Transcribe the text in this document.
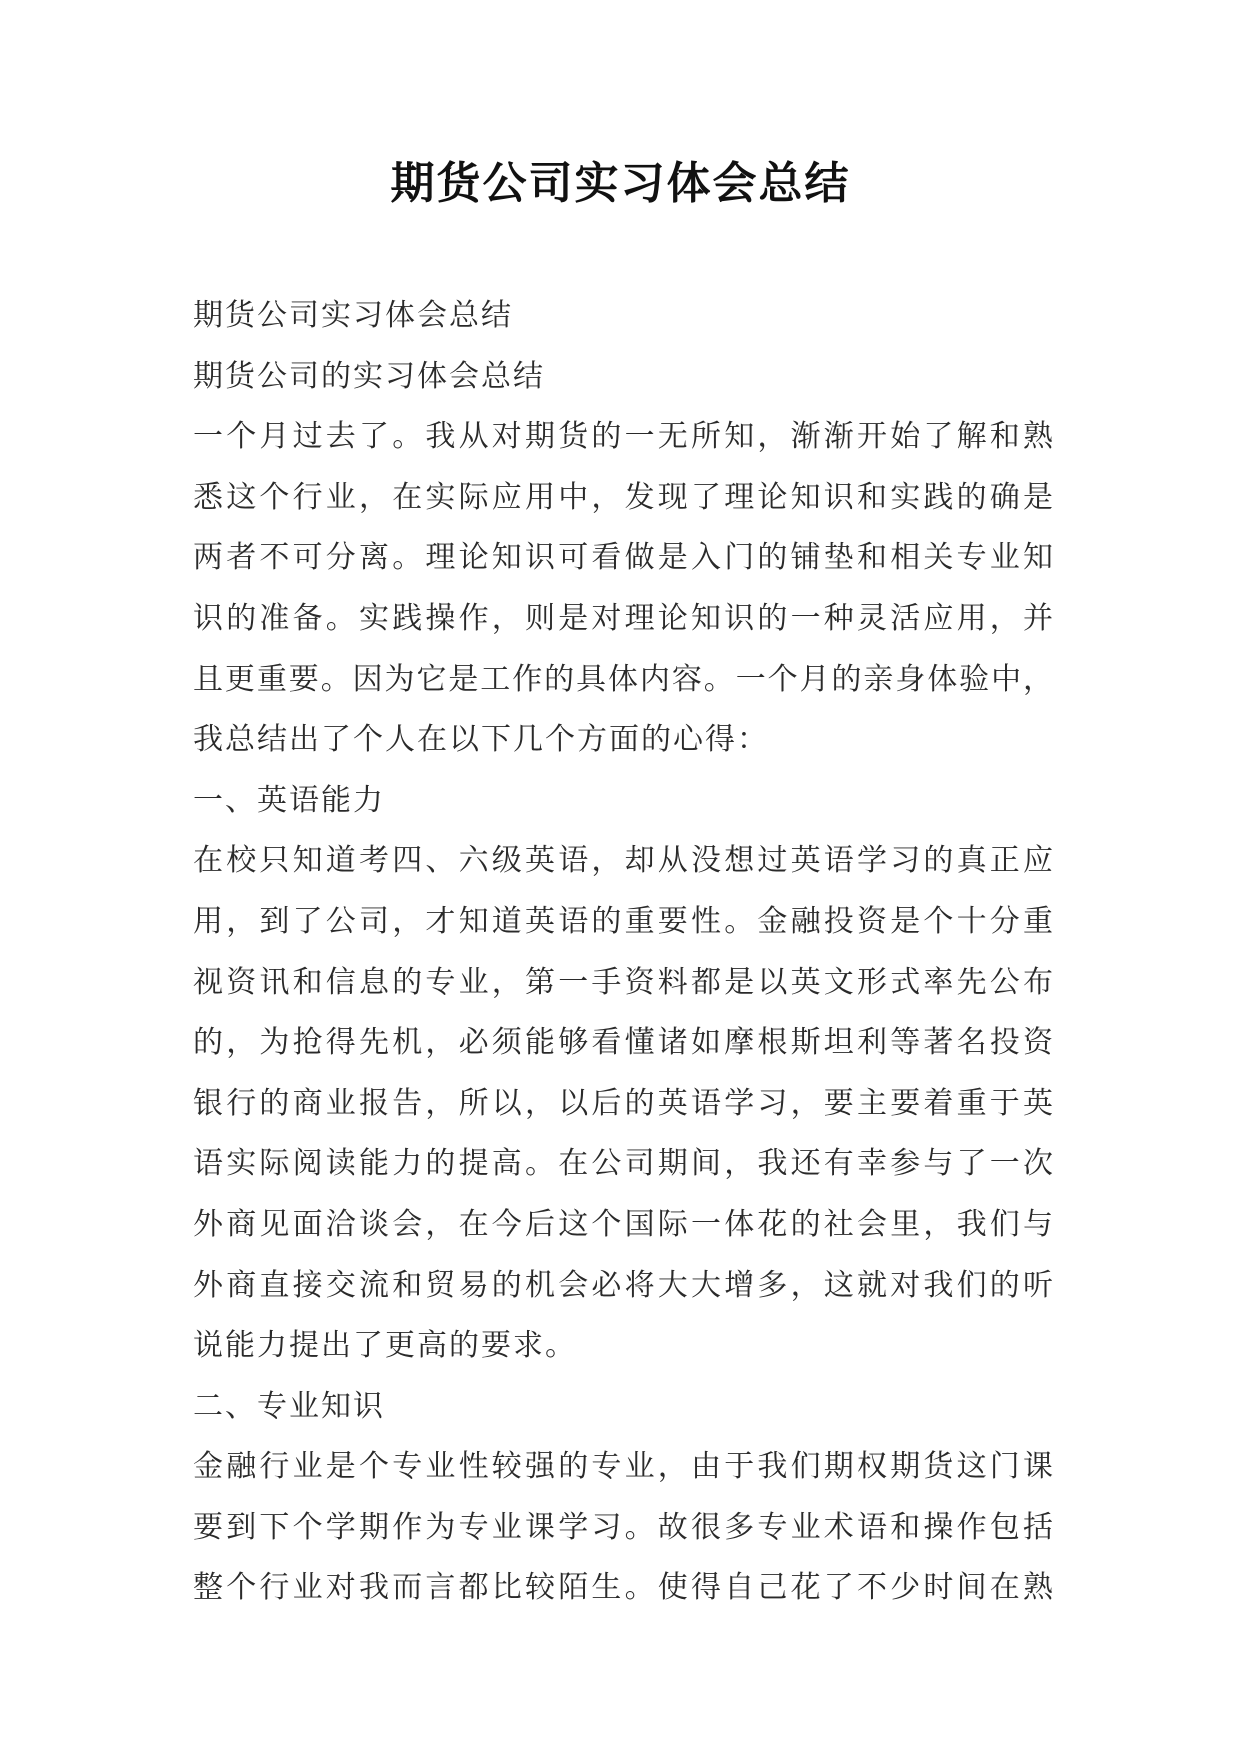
期货公司实习体会总结
期货公司实习体会总结
期货公司的实习体会总结
一个月过去了。我从对期货的一无所知，渐渐开始了解和熟
悉这个行业，在实际应用中，发现了理论知识和实践的确是
两者不可分离。理论知识可看做是入门的铺垫和相关专业知
识的准备。实践操作，则是对理论知识的一种灵活应用，并
且更重要。因为它是工作的具体内容。一个月的亲身体验中，
我总结出了个人在以下几个方面的心得：
一、英语能力
在校只知道考四、六级英语，却从没想过英语学习的真正应
用，到了公司，才知道英语的重要性。金融投资是个十分重
视资讯和信息的专业，第一手资料都是以英文形式率先公布
的，为抢得先机，必须能够看懂诸如摩根斯坦利等著名投资
银行的商业报告，所以，以后的英语学习，要主要着重于英
语实际阅读能力的提高。在公司期间，我还有幸参与了一次
外商见面洽谈会，在今后这个国际一体花的社会里，我们与
外商直接交流和贸易的机会必将大大增多，这就对我们的听
说能力提出了更高的要求。
二、专业知识
金融行业是个专业性较强的专业，由于我们期权期货这门课
要到下个学期作为专业课学习。故很多专业术语和操作包括
整个行业对我而言都比较陌生。使得自己花了不少时间在熟
